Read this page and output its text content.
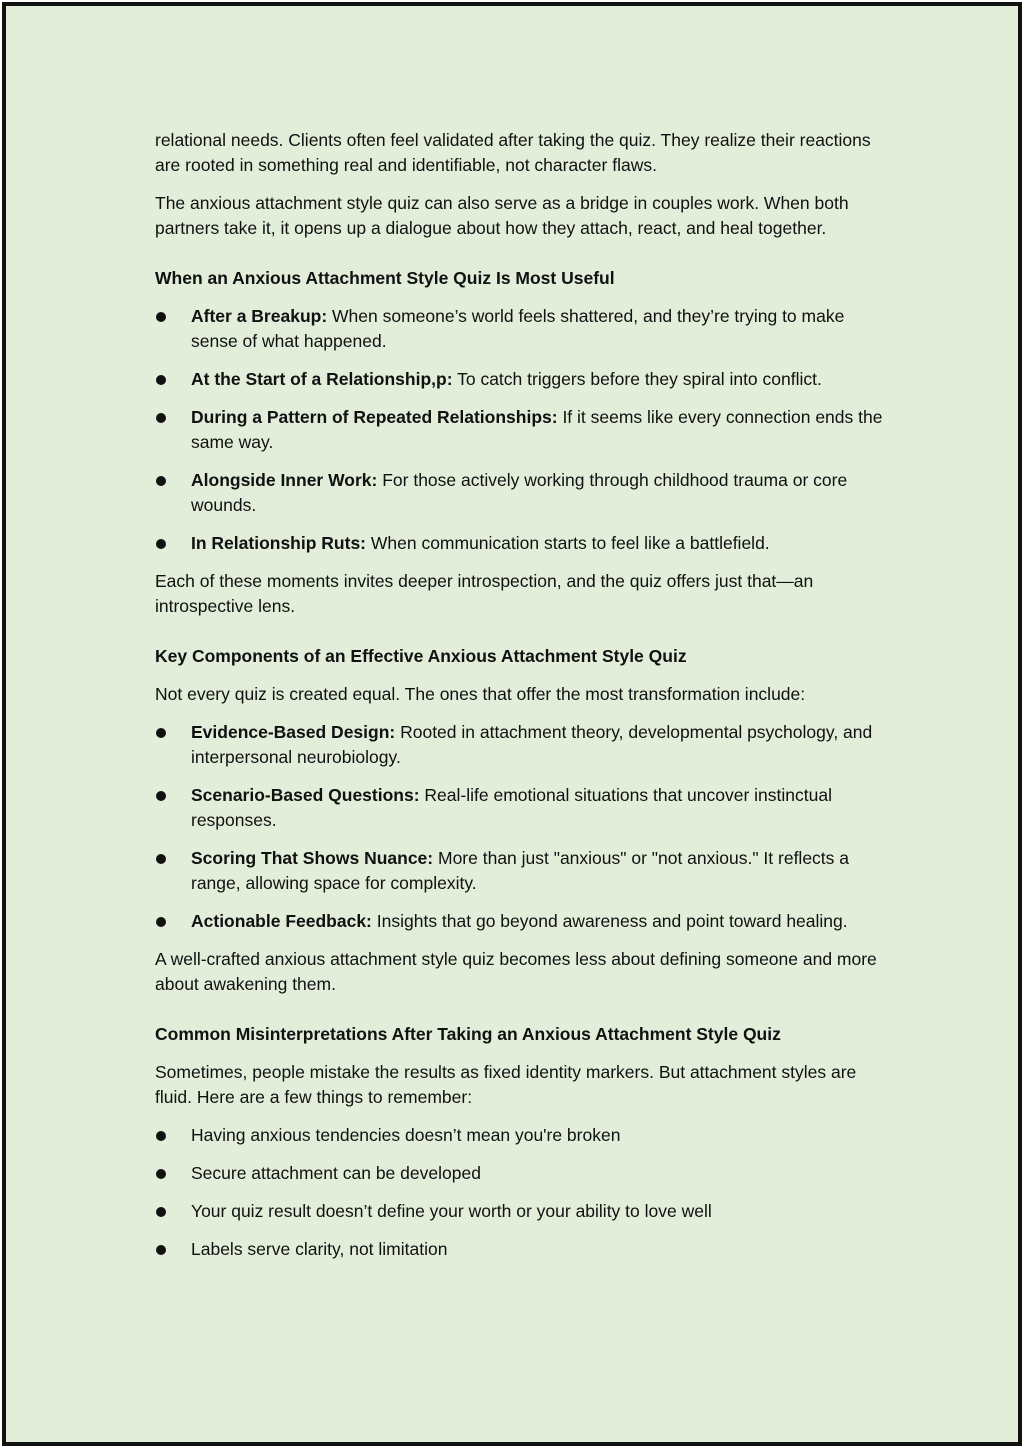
relational needs. Clients often feel validated after taking the quiz. They realize their reactions are rooted in something real and identifiable, not character flaws.

The anxious attachment style quiz can also serve as a bridge in couples work. When both partners take it, it opens up a dialogue about how they attach, react, and heal together.

When an Anxious Attachment Style Quiz Is Most Useful
After a Breakup: When someone’s world feels shattered, and they’re trying to make sense of what happened.
At the Start of a Relationship,p: To catch triggers before they spiral into conflict.
During a Pattern of Repeated Relationships: If it seems like every connection ends the same way.
Alongside Inner Work: For those actively working through childhood trauma or core wounds.
In Relationship Ruts: When communication starts to feel like a battlefield.

Each of these moments invites deeper introspection, and the quiz offers just that—an introspective lens.

Key Components of an Effective Anxious Attachment Style Quiz

Not every quiz is created equal. The ones that offer the most transformation include:

Evidence-Based Design: Rooted in attachment theory, developmental psychology, and interpersonal neurobiology.
Scenario-Based Questions: Real-life emotional situations that uncover instinctual responses.
Scoring That Shows Nuance: More than just "anxious" or "not anxious." It reflects a range, allowing space for complexity.
Actionable Feedback: Insights that go beyond awareness and point toward healing.

A well-crafted anxious attachment style quiz becomes less about defining someone and more about awakening them.

Common Misinterpretations After Taking an Anxious Attachment Style Quiz

Sometimes, people mistake the results as fixed identity markers. But attachment styles are fluid. Here are a few things to remember:

Having anxious tendencies doesn’t mean you're broken
Secure attachment can be developed
Your quiz result doesn’t define your worth or your ability to love well
Labels serve clarity, not limitation
